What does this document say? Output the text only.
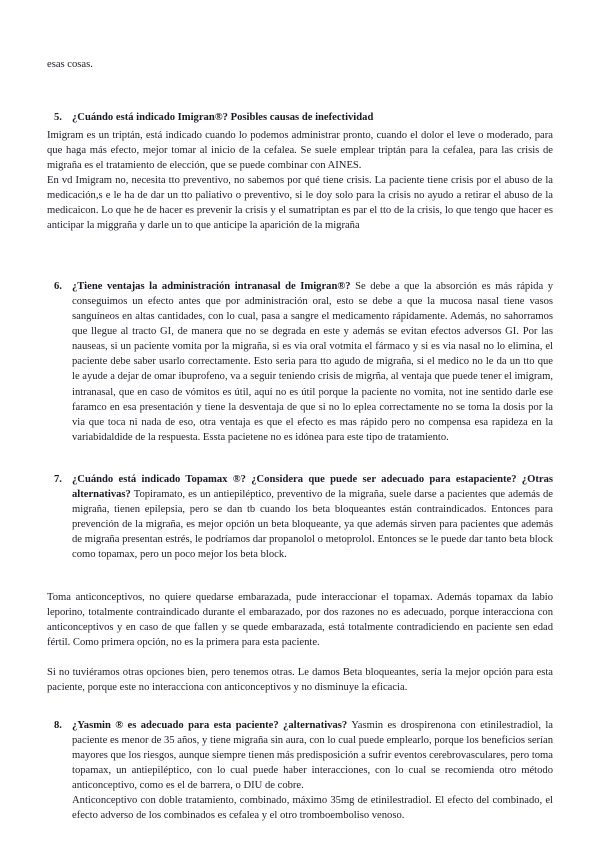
esas cosas.

5. ¿Cuándo está indicado Imigran®? Posibles causas de inefectividad

Imigram es un triptán, está indicado cuando lo podemos administrar pronto, cuando el dolor el leve o moderado, para que haga más efecto, mejor tomar al inicio de la cefalea. Se suele emplear triptán para la cefalea, para las crisis de migraña es el tratamiento de elección, que se puede combinar con AINES.

En vd Imigram no, necesita tto preventivo, no sabemos por qué tiene crisis. La paciente tiene crisis por el abuso de la medicación,s e le ha de dar un tto paliativo o preventivo, si le doy solo para la crisis no ayudo a retirar el abuso de la medicaicon. Lo que he de hacer es prevenir la crisis y el sumatriptan es par el tto de la crisis, lo que tengo que hacer es anticipar la miggraña y darle un to que anticipe la aparición de la migraña

6. ¿Tiene ventajas la administración intranasal de Imigran®? Se debe a que la absorción es más rápida y conseguimos un efecto antes que por administración oral, esto se debe a que la mucosa nasal tiene vasos sanguíneos en altas cantidades, con lo cual, pasa a sangre el medicamento rápidamente. Además, no sahorramos que llegue al tracto GI, de manera que no se degrada en este y además se evitan efectos adversos GI. Por las nauseas, si un paciente vomita por la migraña, si es via oral votmita el fármaco y si es via nasal no lo elimina, el paciente debe saber usarlo correctamente. Esto seria para tto agudo de migraña, si el medico no le da un tto que le ayude a dejar de omar ibuprofeno, va a seguir teniendo crisis de migrña, al ventaja que puede tener el imigram, intranasal, que en caso de vómitos es útil, aquí no es útil porque la paciente no vomita, not ine sentido darle ese faramco en esa presentación y tiene la desventaja de que si no lo eplea correctamente no se toma la dosis por la via que toca ni nada de eso, otra ventaja es que el efecto es mas rápido pero no compensa esa rapideza en la variabidaldide de la respuesta. Essta pacietene no es idónea para este tipo de tratamiento.
7. ¿Cuándo está indicado Topamax ®? ¿Considera que puede ser adecuado para estapaciente? ¿Otras alternativas? Topiramato, es un antiepiléptico, preventivo de la migraña, suele darse a pacientes que además de migraña, tienen epilepsia, pero se dan tb cuando los beta bloqueantes están contraindicados. Entonces para prevención de la migraña, es mejor opción un beta bloqueante, ya que además sirven para pacientes que además de migraña presentan estrés, le podríamos dar propanolol o metoprolol. Entonces se le puede dar tanto beta block como topamax, pero un poco mejor los beta block.

Toma anticonceptivos, no quiere quedarse embarazada, pude interaccionar el topamax. Además topamax da labio leporino, totalmente contraindicado durante el embarazado, por dos razones no es adecuado, porque interacciona con anticonceptivos y en caso de que fallen y se quede embarazada, está totalmente contradiciendo en paciente sen edad fértil. Como primera opción, no es la primera para esta paciente.

Si no tuviéramos otras opciones bien, pero tenemos otras. Le damos Beta bloqueantes, sería la mejor opción para esta paciente, porque este no interacciona con anticonceptivos y no disminuye la eficacia.

8. ¿Yasmin ® es adecuado para esta paciente? ¿alternativas? Yasmin es drospirenona con etinilestradiol, la paciente es menor de 35 años, y tiene migraña sin aura, con lo cual puede emplearlo, porque los beneficios serían mayores que los riesgos, aunque siempre tienen más predisposición a sufrir eventos cerebrovasculares, pero toma topamax, un antiepiléptico, con lo cual puede haber interacciones, con lo cual se recomienda otro método anticonceptivo, como es el de barrera, o DIU de cobre.

Anticonceptivo con doble tratamiento, combinado, máximo 35mg de etinilestradiol. El efecto del combinado, el efecto adverso de los combinados es cefalea y el otro tromboemboliso venoso.
